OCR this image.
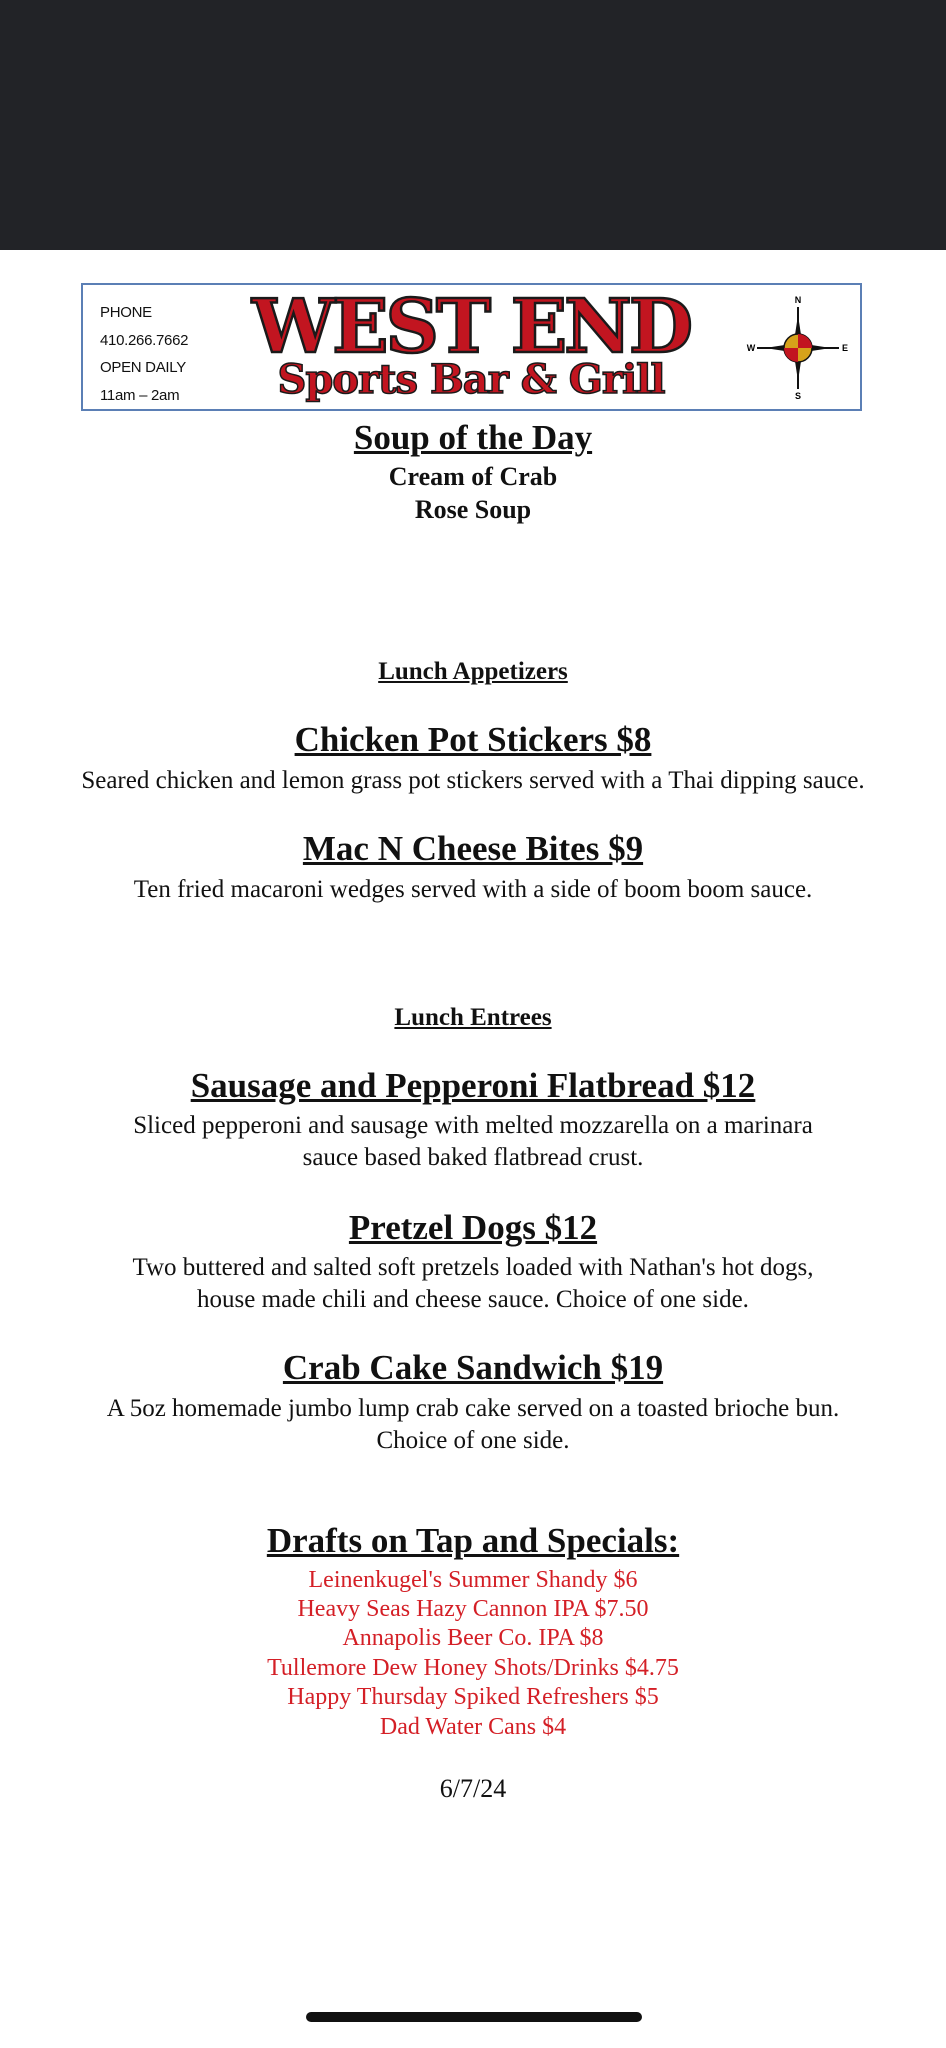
PHONE
410.266.7662
OPEN DAILY
11am – 2am
WEST END
Sports Bar & Grill
N
W	E
S
Soup of the Day
Cream of Crab
Rose Soup
Lunch Appetizers
Chicken Pot Stickers $8
Seared chicken and lemon grass pot stickers served with a Thai dipping sauce.
Mac N Cheese Bites $9
Ten fried macaroni wedges served with a side of boom boom sauce.
Lunch Entrees
Sausage and Pepperoni Flatbread $12
Sliced pepperoni and sausage with melted mozzarella on a marinara
sauce based baked flatbread crust.
Pretzel Dogs $12
Two buttered and salted soft pretzels loaded with Nathan's hot dogs,
house made chili and cheese sauce. Choice of one side.
Crab Cake Sandwich $19
A 5oz homemade jumbo lump crab cake served on a toasted brioche bun.
Choice of one side.
Drafts on Tap and Specials:
Leinenkugel's Summer Shandy $6
Heavy Seas Hazy Cannon IPA $7.50
Annapolis Beer Co. IPA $8
Tullemore Dew Honey Shots/Drinks $4.75
Happy Thursday Spiked Refreshers $5
Dad Water Cans $4
6/7/24
